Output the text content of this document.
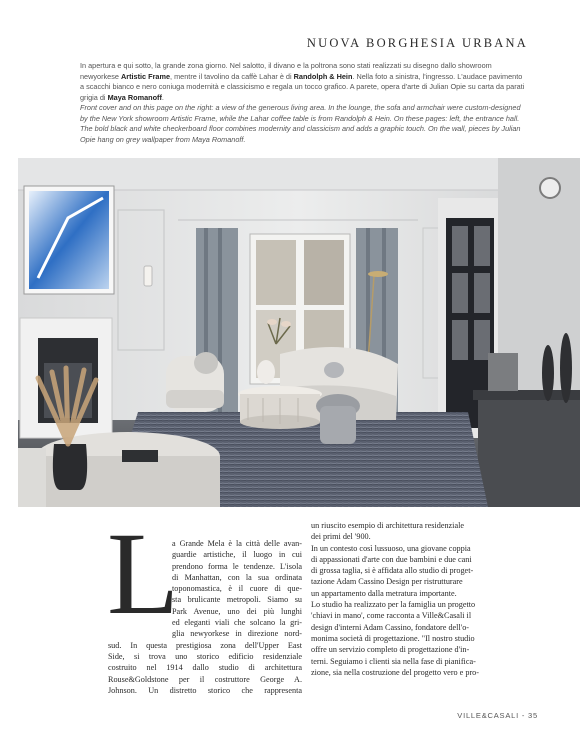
NUOVA BORGHESIA URBANA

In apertura e qui sotto, la grande zona giorno. Nel salotto, il divano e la poltrona sono stati realizzati su disegno dallo showroom newyorkese Artistic Frame, mentre il tavolino da caffè Lahar è di Randolph & Hein. Nella foto a sinistra, l'ingresso. L'audace pavimento a scacchi bianco e nero coniuga modernità e classicismo e regala un tocco grafico. A parete, opera d'arte di Julian Opie su carta da parati grigia di Maya Romanoff.

Front cover and on this page on the right: a view of the generous living area. In the lounge, the sofa and armchair were custom-designed by the New York showroom Artistic Frame, while the Lahar coffee table is from Randolph & Hein. On these pages: left, the entrance hall. The bold black and white checkerboard floor combines modernity and classicism and adds a graphic touch. On the wall, pieces by Julian Opie hang on grey wallpaper from Maya Romanoff.

L
a Grande Mela è la città delle avan-
guardie artistiche, il luogo in cui
prendono forma le tendenze. L'isola
di Manhattan, con la sua ordinata
toponomastica, è il cuore di que-
sta brulicante metropoli. Siamo su
Park Avenue, uno dei più lunghi
ed eleganti viali che solcano la gri-
glia newyorkese in direzione nord-
sud. In questa prestigiosa zona dell'Upper East
Side, si trova uno storico edificio residenziale
costruito nel 1914 dallo studio di architettura
Rouse&Goldstone per il costruttore George A.
Johnson. Un distretto storico che rappresenta
un riuscito esempio di architettura residenziale
dei primi del '900.
In un contesto così lussuoso, una giovane coppia
di appassionati d'arte con due bambini e due cani
di grossa taglia, si è affidata allo studio di proget-
tazione Adam Cassino Design per ristrutturare
un appartamento dalla metratura importante.
Lo studio ha realizzato per la famiglia un progetto
'chiavi in mano', come racconta a Ville&Casali il
design d'interni Adam Cassino, fondatore dell'o-
monima società di progettazione. "Il nostro studio
offre un servizio completo di progettazione d'in-
terni. Seguiamo i clienti sia nella fase di pianifica-
zione, sia nella costruzione del progetto vero e pro-
VILLE&CASALI - 35
